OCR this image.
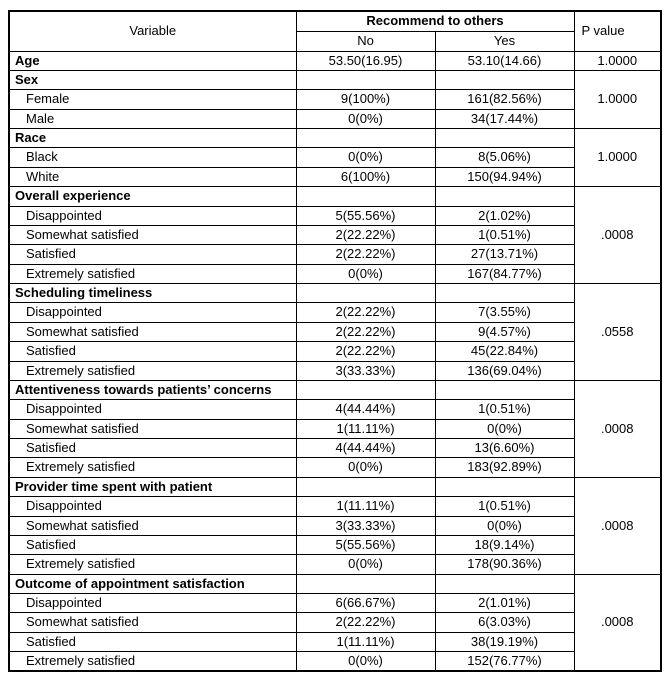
Variable	Recommend to others		P value
	No	Yes	
Age	53.50(16.95)	53.10(14.66)	1.0000
Sex			1.0000
Female	9(100%)	161(82.56%)	
Male	0(0%)	34(17.44%)	
Race			1.0000
Black	0(0%)	8(5.06%)	
White	6(100%)	150(94.94%)	
Overall experience			.0008
Disappointed	5(55.56%)	2(1.02%)	
Somewhat satisfied	2(22.22%)	1(0.51%)	
Satisfied	2(22.22%)	27(13.71%)	
Extremely satisfied	0(0%)	167(84.77%)	
Scheduling timeliness			.0558
Disappointed	2(22.22%)	7(3.55%)	
Somewhat satisfied	2(22.22%)	9(4.57%)	
Satisfied	2(22.22%)	45(22.84%)	
Extremely satisfied	3(33.33%)	136(69.04%)	
Attentiveness towards patients’ concerns			.0008
Disappointed	4(44.44%)	1(0.51%)	
Somewhat satisfied	1(11.11%)	0(0%)	
Satisfied	4(44.44%)	13(6.60%)	
Extremely satisfied	0(0%)	183(92.89%)	
Provider time spent with patient			.0008
Disappointed	1(11.11%)	1(0.51%)	
Somewhat satisfied	3(33.33%)	0(0%)	
Satisfied	5(55.56%)	18(9.14%)	
Extremely satisfied	0(0%)	178(90.36%)	
Outcome of appointment satisfaction			.0008
Disappointed	6(66.67%)	2(1.01%)	
Somewhat satisfied	2(22.22%)	6(3.03%)	
Satisfied	1(11.11%)	38(19.19%)	
Extremely satisfied	0(0%)	152(76.77%)	
